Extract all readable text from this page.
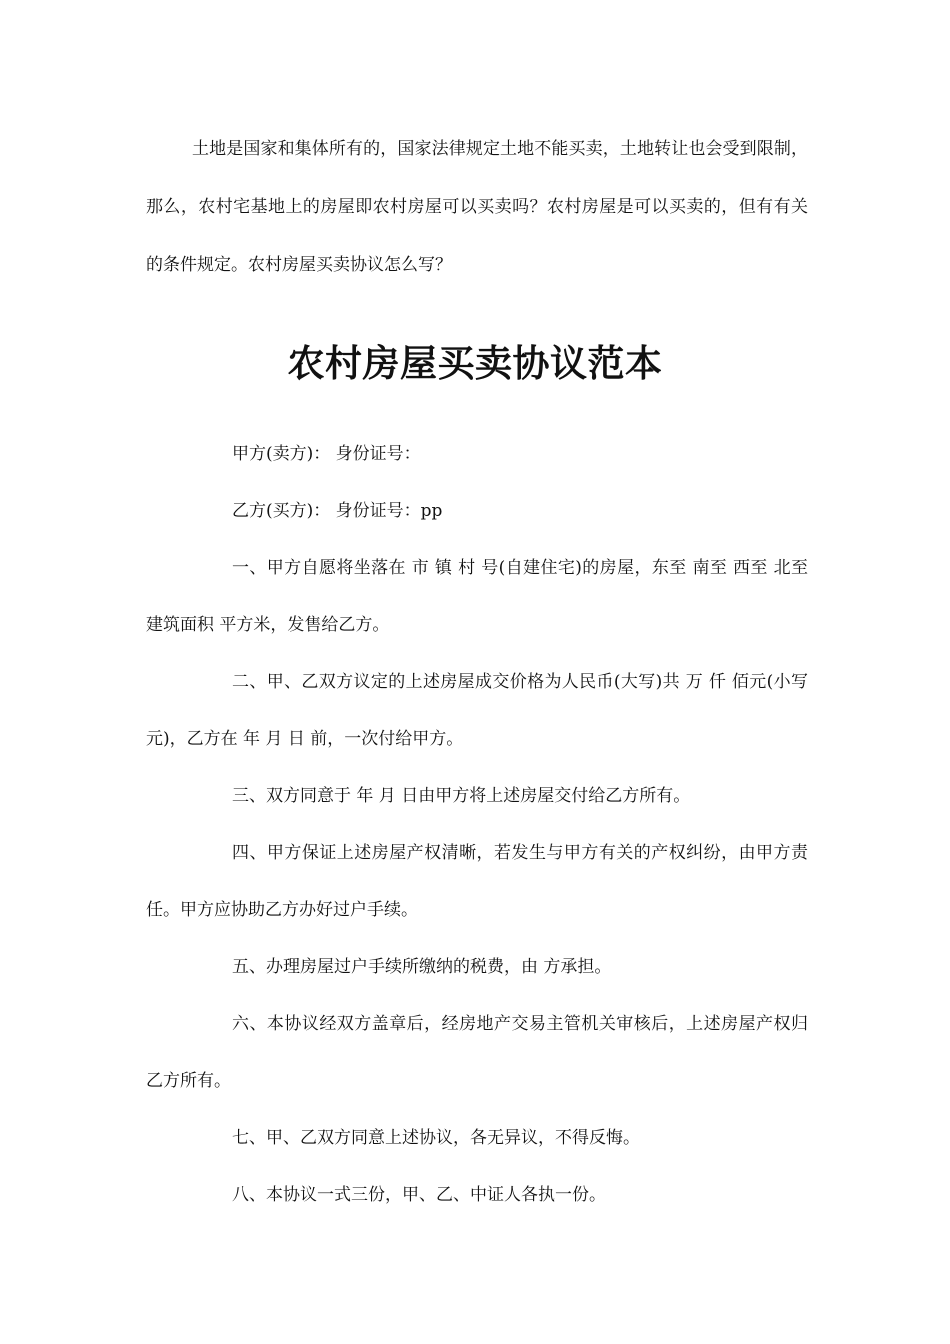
土地是国家和集体所有的，国家法律规定土地不能买卖，土地转让也会受到限制，那么，农村宅基地上的房屋即农村房屋可以买卖吗？农村房屋是可以买卖的，但有有关的条件规定。农村房屋买卖协议怎么写？

农村房屋买卖协议范本

甲方(卖方)： 身份证号：

乙方(买方)： 身份证号：pp

一、甲方自愿将坐落在 市 镇 村 号(自建住宅)的房屋，东至 南至 西至 北至 建筑面积 平方米，发售给乙方。

二、甲、乙双方议定的上述房屋成交价格为人民币(大写)共 万 仟 佰元(小写 元)，乙方在 年 月 日 前，一次付给甲方。

三、双方同意于 年 月 日由甲方将上述房屋交付给乙方所有。

四、甲方保证上述房屋产权清晰，若发生与甲方有关的产权纠纷，由甲方责任。甲方应协助乙方办好过户手续。

五、办理房屋过户手续所缴纳的税费，由 方承担。

六、本协议经双方盖章后，经房地产交易主管机关审核后，上述房屋产权归乙方所有。

七、甲、乙双方同意上述协议，各无异议，不得反悔。

八、本协议一式三份，甲、乙、中证人各执一份。
